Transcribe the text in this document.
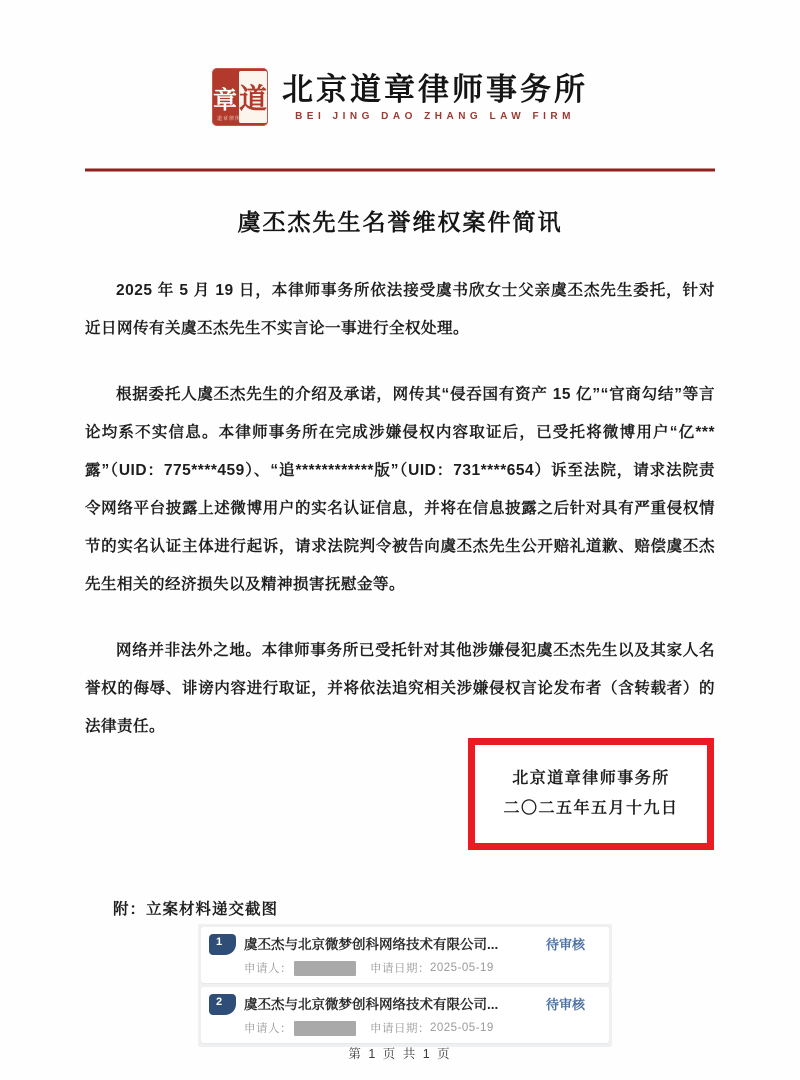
章 道
道章律所
北京道章律师事务所
BEI JING DAO ZHANG LAW FIRM
虞丕杰先生名誉维权案件简讯

2025 年 5 月 19 日，本律师事务所依法接受虞书欣女士父亲虞丕杰先生委托，针对近日网传有关虞丕杰先生不实言论一事进行全权处理。

根据委托人虞丕杰先生的介绍及承诺，网传其“侵吞国有资产 15 亿”“官商勾结”等言论均系不实信息。本律师事务所在完成涉嫌侵权内容取证后，已受托将微博用户“亿***露”（UID：775****459）、“追************版”（UID：731****654）诉至法院，请求法院责令网络平台披露上述微博用户的实名认证信息，并将在信息披露之后针对具有严重侵权情节的实名认证主体进行起诉，请求法院判令被告向虞丕杰先生公开赔礼道歉、赔偿虞丕杰先生相关的经济损失以及精神损害抚慰金等。

网络并非法外之地。本律师事务所已受托针对其他涉嫌侵犯虞丕杰先生以及其家人名誉权的侮辱、诽谤内容进行取证，并将依法追究相关涉嫌侵权言论发布者（含转载者）的法律责任。

北京道章律师事务所
二〇二五年五月十九日
附：立案材料递交截图
1	虞丕杰与北京微梦创科网络技术有限公司...	待审核
申请人：	申请日期： 2025-05-19
2	虞丕杰与北京微梦创科网络技术有限公司...	待审核
申请人：	申请日期： 2025-05-19
第 1 页 共 1 页
